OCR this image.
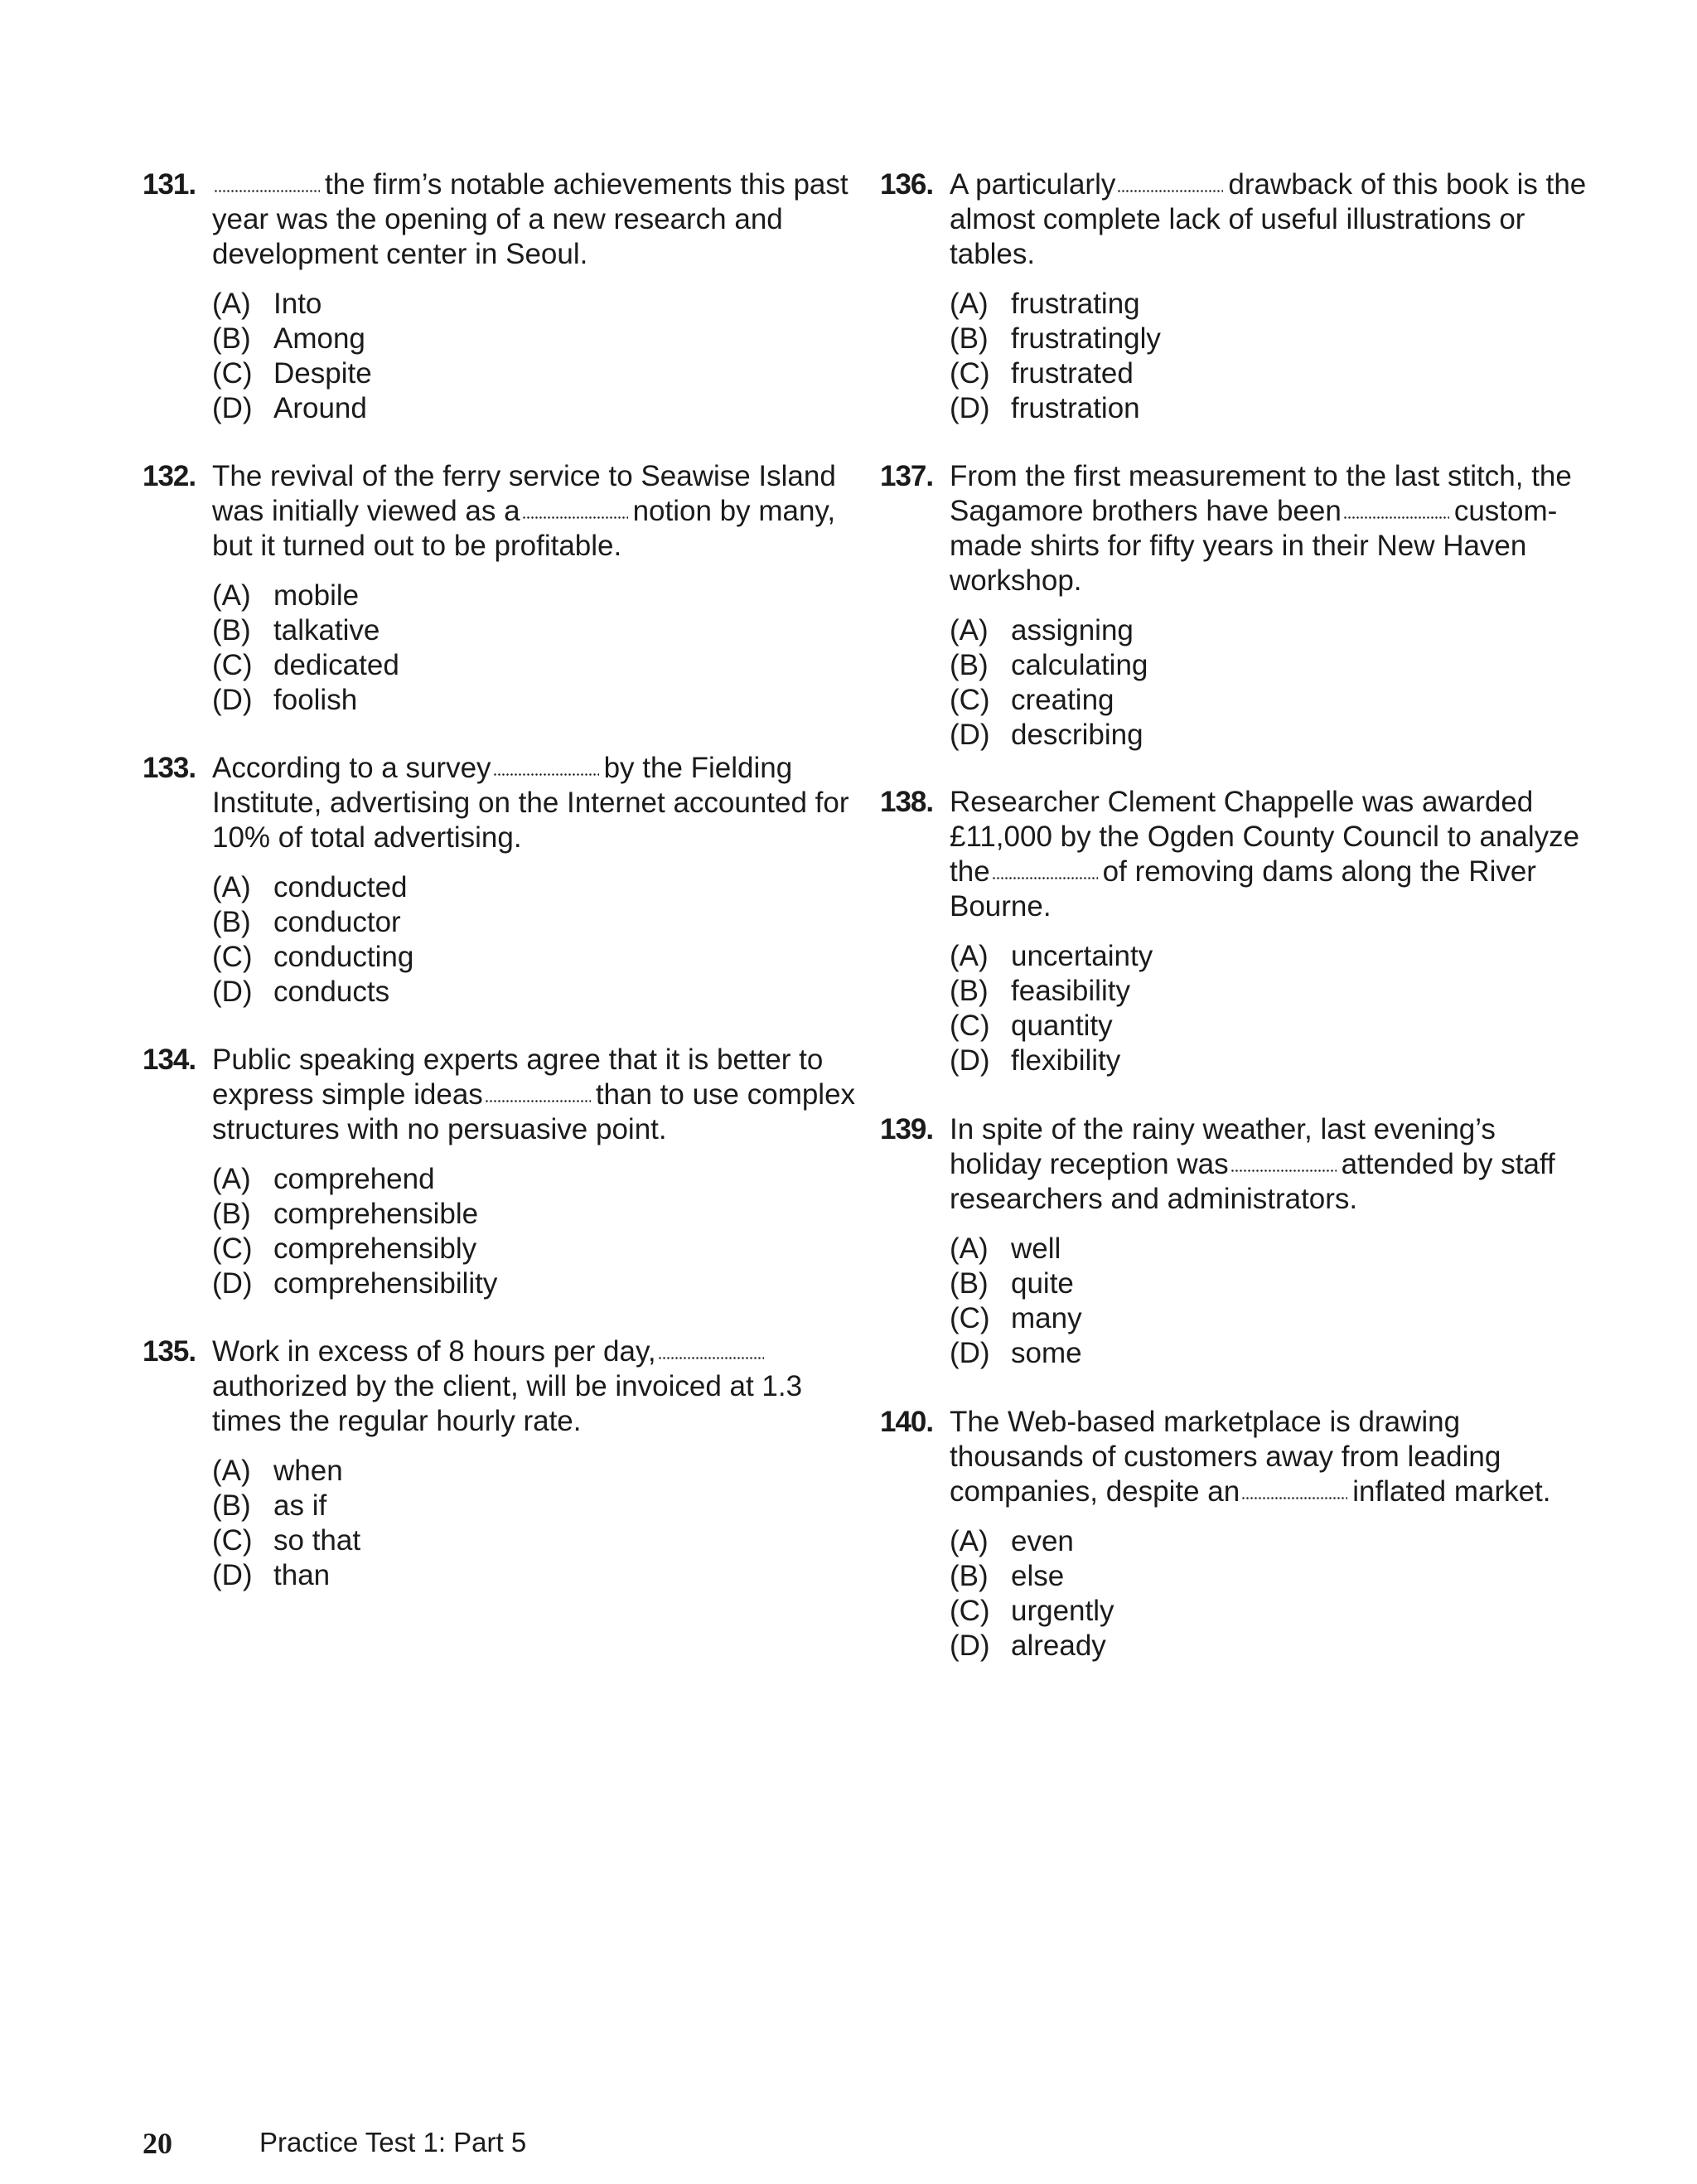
131.	the firm’s notable achievements this past year was the opening of a new research and development center in Seoul.
(A) Into
(B) Among
(C) Despite
(D) Around
132. The revival of the ferry service to Seawise Island was initially viewed as a	notion by many, but it turned out to be profitable.
(A) mobile
(B) talkative
(C) dedicated
(D) foolish
133. According to a survey	by the Fielding Institute, advertising on the Internet accounted for 10% of total advertising.
(A) conducted
(B) conductor
(C) conducting
(D) conducts
134. Public speaking experts agree that it is better to express simple ideas	than to use complex structures with no persuasive point.
(A) comprehend
(B) comprehensible
(C) comprehensibly
(D) comprehensibility
135. Work in excess of 8 hours per day,authorized by the client, will be invoiced at 1.3 times the regular hourly rate.
(A) when
(B) as if
(C) so that
(D) than
136. A particularly	drawback of this book is the almost complete lack of useful illustrations or tables.
(A) frustrating
(B) frustratingly
(C) frustrated
(D) frustration
137. From the first measurement to the last stitch, the Sagamore brothers have been	custom-made shirts for fifty years in their New Haven workshop.
(A) assigning
(B) calculating
(C) creating
(D) describing
138. Researcher Clement Chappelle was awarded £11,000 by the Ogden County Council to analyze the	of removing dams along the River Bourne.
(A) uncertainty
(B) feasibility
(C) quantity
(D) flexibility
139. In spite of the rainy weather, last evening’s holiday reception was	attended by staff researchers and administrators.
(A) well
(B) quite
(C) many
(D) some
140. The Web-based marketplace is drawing thousands of customers away from leading companies, despite an	inflated market.
(A) even
(B) else
(C) urgently
(D) already
20	Practice Test 1: Part 5
